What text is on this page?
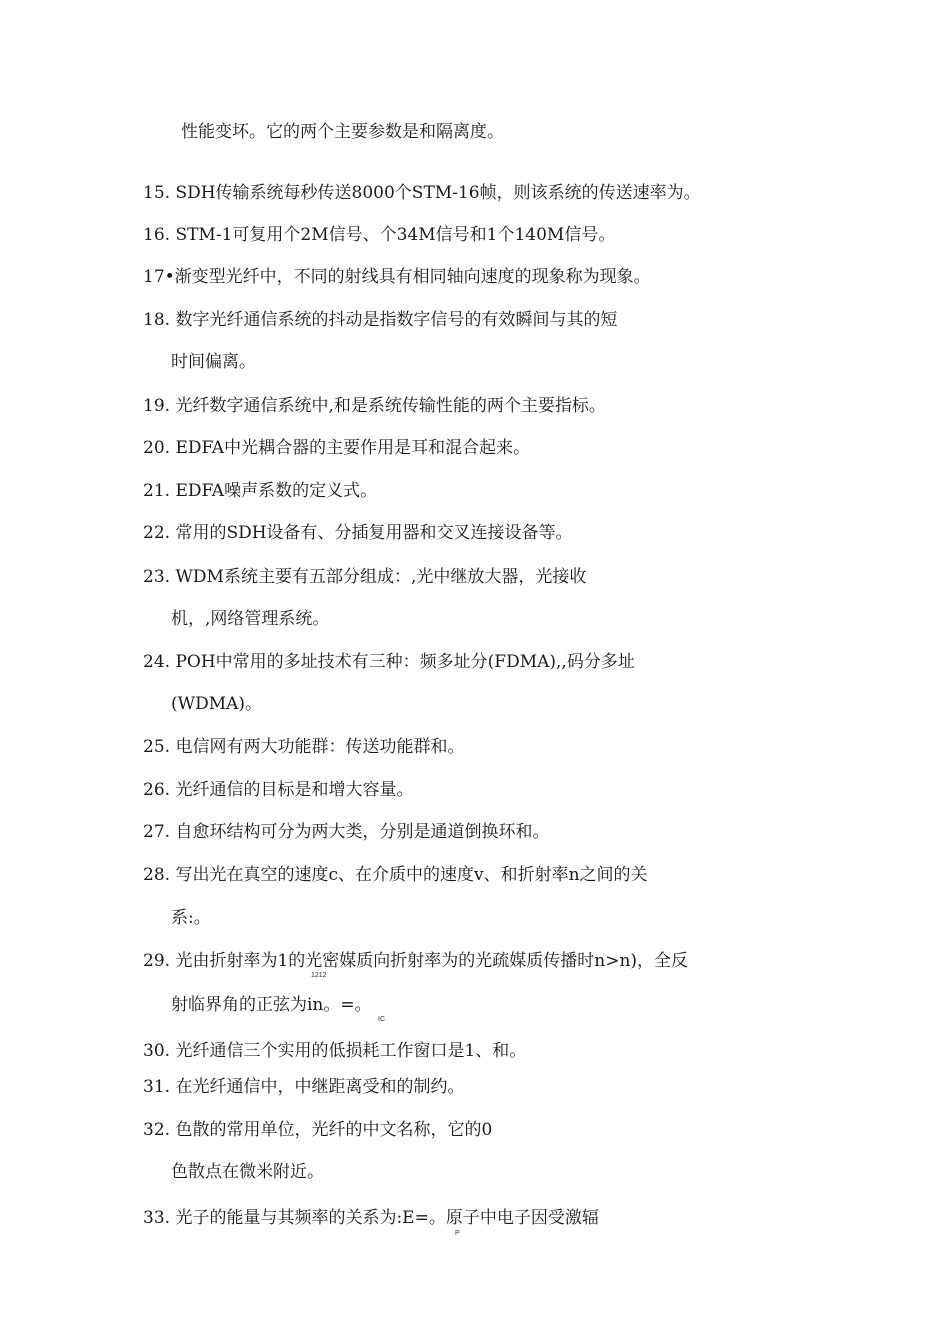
性能变坏。它的两个主要参数是和隔离度。
15. SDH传输系统每秒传送8000个STM-16帧，则该系统的传送速率为。
16. STM-1可复用个2M信号、个34M信号和1个140M信号。
17•渐变型光纤中，不同的射线具有相同轴向速度的现象称为现象。
18. 数字光纤通信系统的抖动是指数字信号的有效瞬间与其的短
时间偏离。
19. 光纤数字通信系统中,和是系统传输性能的两个主要指标。
20. EDFA中光耦合器的主要作用是耳和混合起来。
21. EDFA噪声系数的定义式。
22. 常用的SDH设备有、分插复用器和交叉连接设备等。
23. WDM系统主要有五部分组成：,光中继放大器，光接收
机，,网络管理系统。
24. POH中常用的多址技术有三种：频多址分(FDMA),,码分多址
(WDMA)。
25. 电信网有两大功能群：传送功能群和。
26. 光纤通信的目标是和增大容量。
27. 自愈环结构可分为两大类，分别是通道倒换环和。
28. 写出光在真空的速度c、在介质中的速度v、和折射率n之间的关
系:。
29. 光由折射率为1的光密媒质向折射率为的光疏媒质传播时n>n)，全反
1212
射临界角的正弦为in。=。
IC
30. 光纤通信三个实用的低损耗工作窗口是1、和。
31. 在光纤通信中，中继距离受和的制约。
32. 色散的常用单位，光纤的中文名称，它的0
色散点在微米附近。
33. 光子的能量与其频率的关系为:E=。原子中电子因受激辐
P
